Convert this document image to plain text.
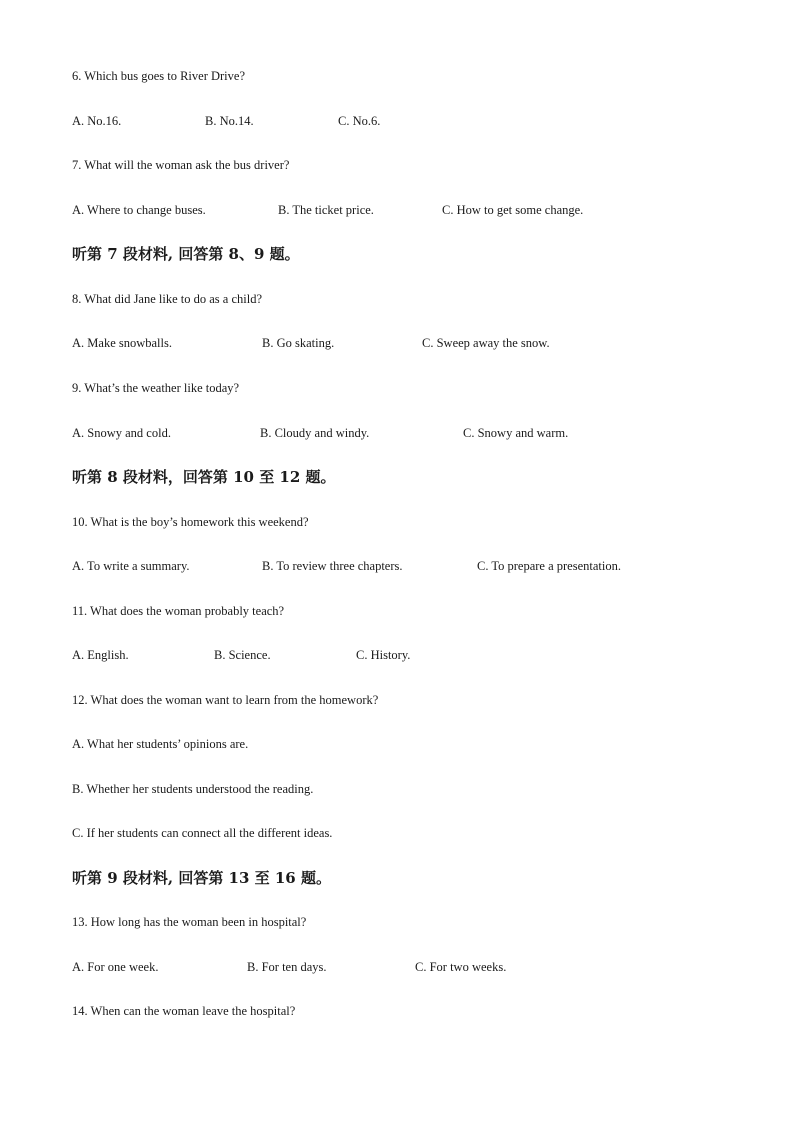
6. Which bus goes to River Drive?
A. No.16.	B. No.14.	C. No.6.
7. What will the woman ask the bus driver?
A. Where to change buses.	B. The ticket price.	C. How to get some change.
听第 7 段材料, 回答第 8、9 题。
8. What did Jane like to do as a child?
A. Make snowballs.	B. Go skating.	C. Sweep away the snow.
9. What’s the weather like today?
A. Snowy and cold.	B. Cloudy and windy.	C. Snowy and warm.
听第 8 段材料，回答第 10 至 12 题。
10. What is the boy’s homework this weekend?
A. To write a summary.	B. To review three chapters.	C. To prepare a presentation.
11. What does the woman probably teach?
A. English.	B. Science.	C. History.
12. What does the woman want to learn from the homework?
A. What her students’ opinions are.
B. Whether her students understood the reading.
C. If her students can connect all the different ideas.
听第 9 段材料, 回答第 13 至 16 题。
13. How long has the woman been in hospital?
A. For one week.	B. For ten days.	C. For two weeks.
14. When can the woman leave the hospital?
